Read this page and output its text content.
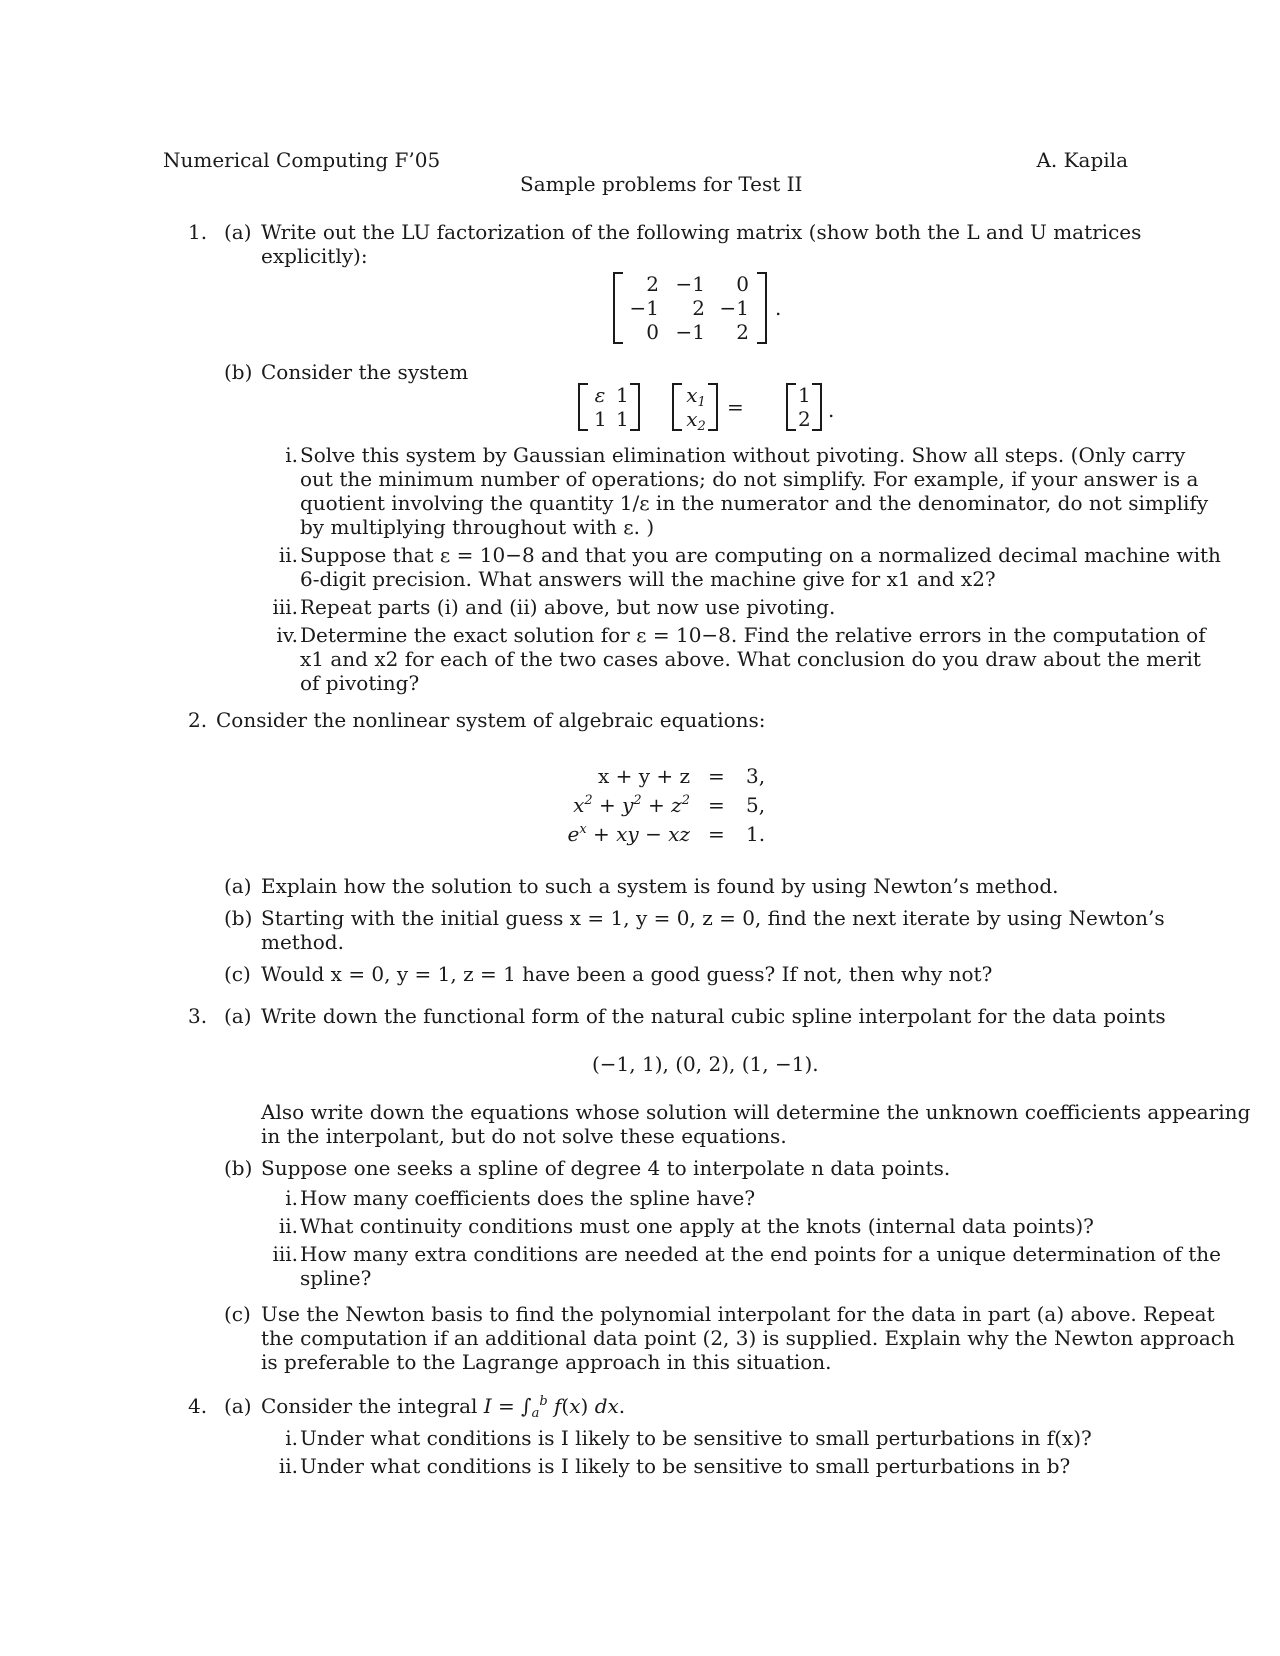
Numerical Computing F’05	A. Kapila
Sample problems for Test II
1. (a) Write out the LU factorization of the following matrix (show both the L and U matrices
explicitly):
2 −1	0
−1	2 −1
0 −1	2
.
(b) Consider the system
ε 1
1 1
$x_1$
$x_2$
=	1
2 .
i. Solve this system by Gaussian elimination without pivoting. Show all steps. (Only carry
out the minimum number of operations; do not simplify. For example, if your answer is a
quotient involving the quantity 1/ε in the numerator and the denominator, do not simplify
by multiplying throughout with ε. )
ii. Suppose that ε = 10−8 and that you are computing on a normalized decimal machine with
6-digit precision. What answers will the machine give for x1 and x2?
iii. Repeat parts (i) and (ii) above, but now use pivoting.
iv. Determine the exact solution for ε = 10−8. Find the relative errors in the computation of
x1 and x2 for each of the two cases above. What conclusion do you draw about the merit
of pivoting?
2. Consider the nonlinear system of algebraic equations:
x + y + z = 3,
$x^2 + y^2 + z^2 = 5$,
$e^x$ + xy − xz = 1.
(a) Explain how the solution to such a system is found by using Newton’s method.
(b) Starting with the initial guess x = 1, y = 0, z = 0, find the next iterate by using Newton’s
method.
(c) Would x = 0, y = 1, z = 1 have been a good guess? If not, then why not?
3. (a) Write down the functional form of the natural cubic spline interpolant for the data points
(−1, 1), (0, 2), (1, −1).
Also write down the equations whose solution will determine the unknown coefficients appearing
in the interpolant, but do not solve these equations.
(b) Suppose one seeks a spline of degree 4 to interpolate n data points.
i. How many coefficients does the spline have?
ii. What continuity conditions must one apply at the knots (internal data points)?
iii. How many extra conditions are needed at the end points for a unique determination of the
spline?
(c) Use the Newton basis to find the polynomial interpolant for the data in part (a) above. Repeat
the computation if an additional data point (2, 3) is supplied. Explain why the Newton approach
is preferable to the Lagrange approach in this situation.
4. (a) Consider the integral $I = \int_a^b$ f(x) dx.
i. Under what conditions is I likely to be sensitive to small perturbations in f(x)?
ii. Under what conditions is I likely to be sensitive to small perturbations in b?
